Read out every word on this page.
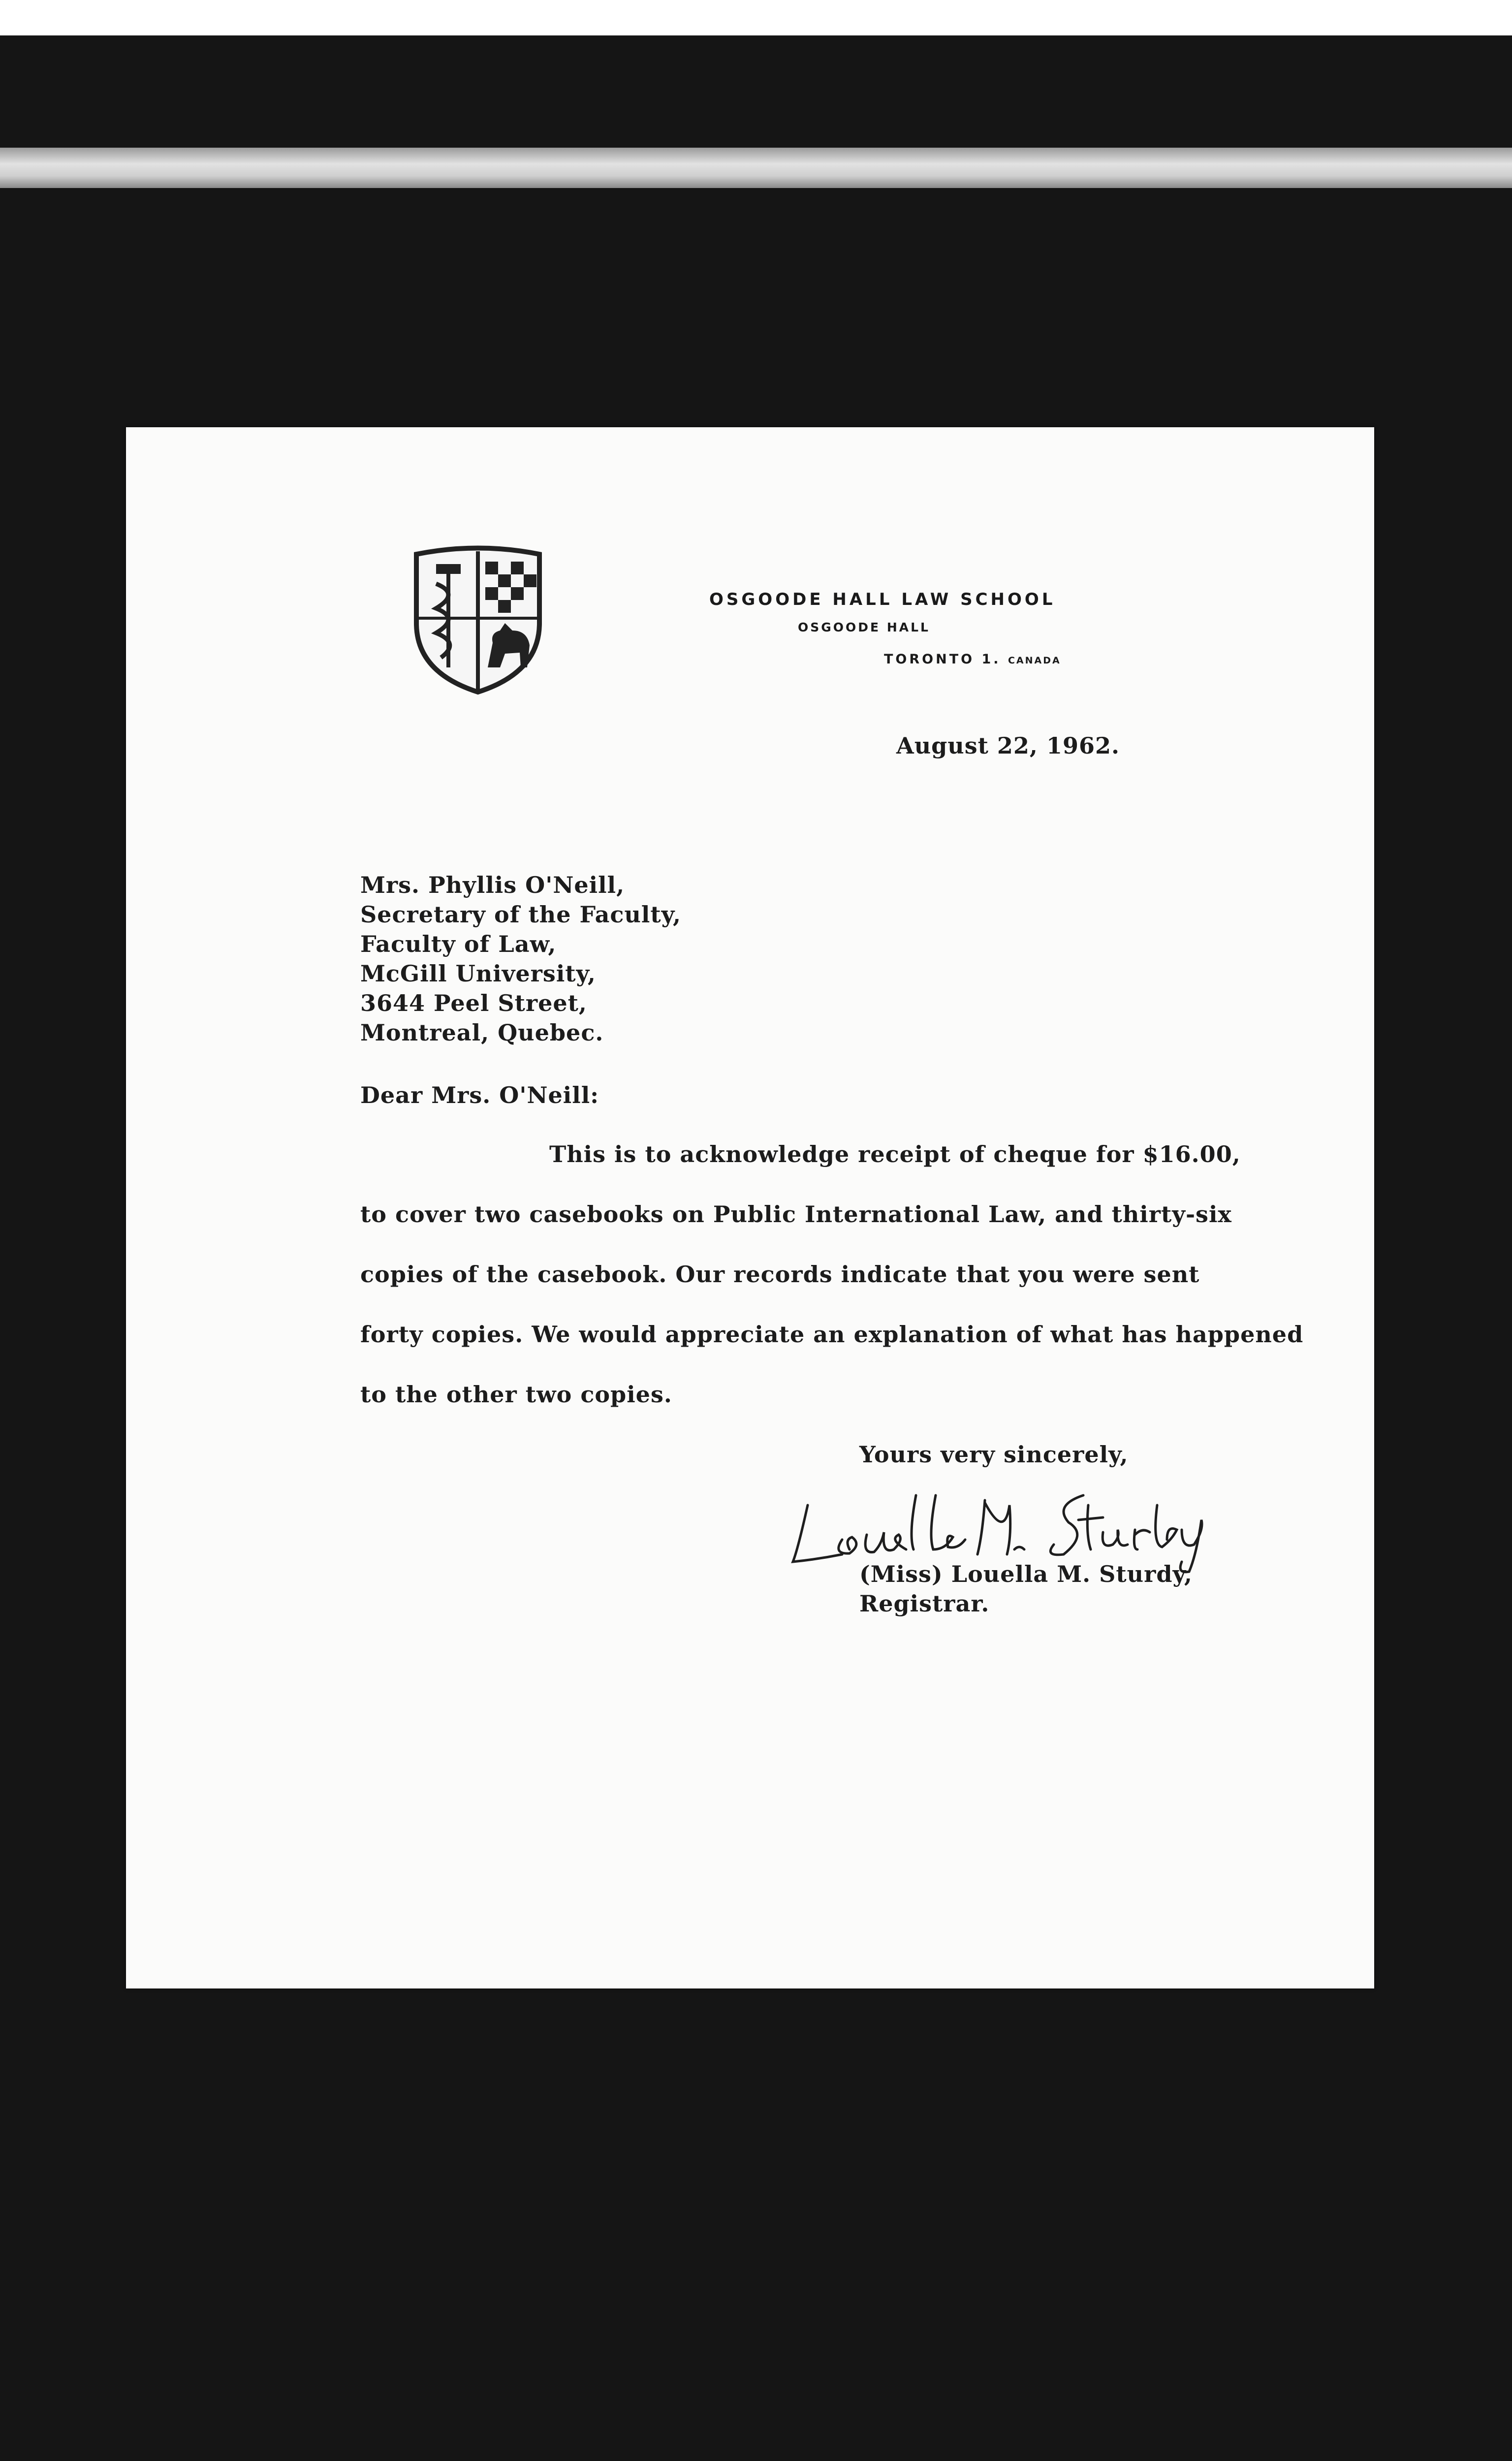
OSGOODE HALL LAW SCHOOL
OSGOODE HALL
TORONTO 1. CANADA
August 22, 1962.
Mrs. Phyllis O'Neill,
Secretary of the Faculty,
Faculty of Law,
McGill University,
3644 Peel Street,
Montreal, Quebec.
Dear Mrs. O'Neill:
This is to acknowledge receipt of cheque for $16.00,
to cover two casebooks on Public International Law, and thirty-six
copies of the casebook. Our records indicate that you were sent
forty copies. We would appreciate an explanation of what has happened
to the other two copies.
Yours very sincerely,
(Miss) Louella M. Sturdy,
Registrar.
